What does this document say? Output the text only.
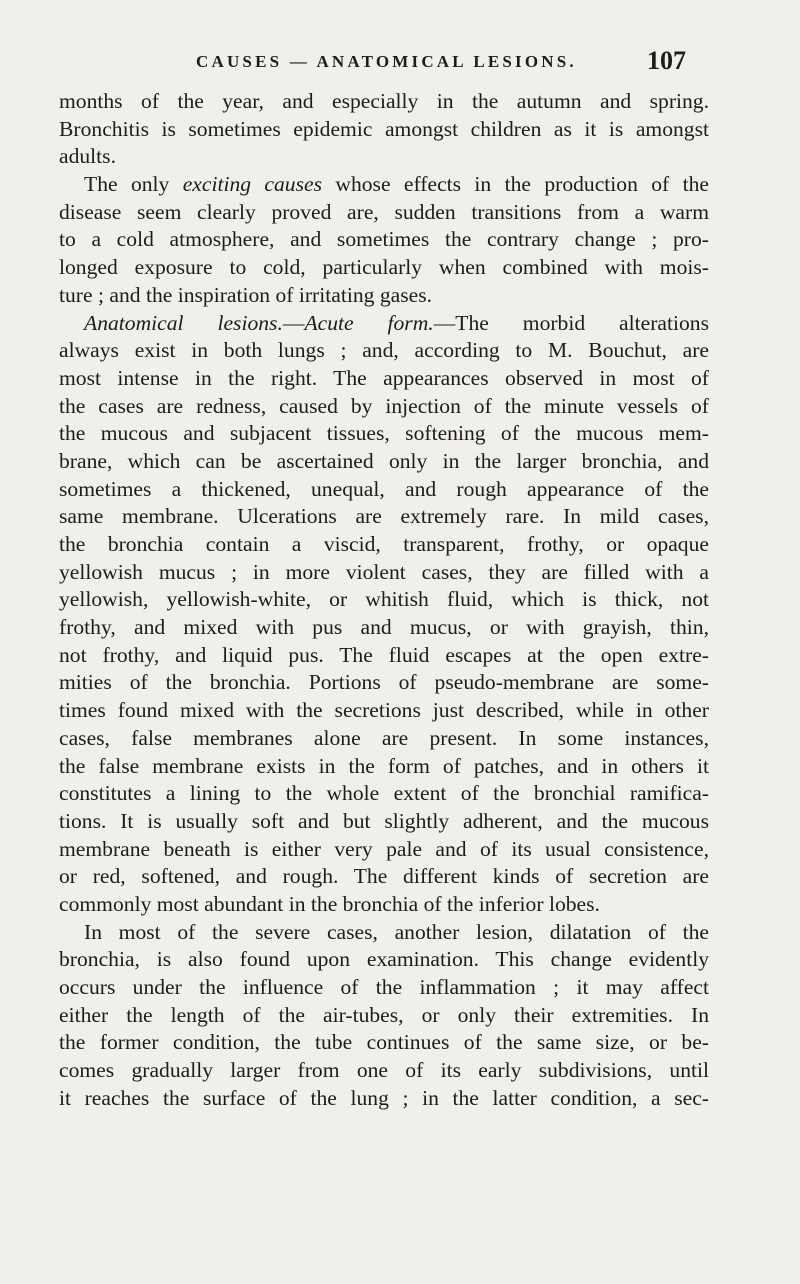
CAUSES — ANATOMICAL LESIONS.	107
months of the year, and especially in the autumn and spring.
Bronchitis is sometimes epidemic amongst children as it is amongst
adults.
The only exciting causes whose effects in the production of the
disease seem clearly proved are, sudden transitions from a warm
to a cold atmosphere, and sometimes the contrary change ; pro-
longed exposure to cold, particularly when combined with mois-
ture ; and the inspiration of irritating gases.
Anatomical lesions.—Acute form.—The morbid alterations
always exist in both lungs ; and, according to M. Bouchut, are
most intense in the right. The appearances observed in most of
the cases are redness, caused by injection of the minute vessels of
the mucous and subjacent tissues, softening of the mucous mem-
brane, which can be ascertained only in the larger bronchia, and
sometimes a thickened, unequal, and rough appearance of the
same membrane. Ulcerations are extremely rare. In mild cases,
the bronchia contain a viscid, transparent, frothy, or opaque
yellowish mucus ; in more violent cases, they are filled with a
yellowish, yellowish-white, or whitish fluid, which is thick, not
frothy, and mixed with pus and mucus, or with grayish, thin,
not frothy, and liquid pus. The fluid escapes at the open extre-
mities of the bronchia. Portions of pseudo-membrane are some-
times found mixed with the secretions just described, while in other
cases, false membranes alone are present. In some instances,
the false membrane exists in the form of patches, and in others it
constitutes a lining to the whole extent of the bronchial ramifica-
tions. It is usually soft and but slightly adherent, and the mucous
membrane beneath is either very pale and of its usual consistence,
or red, softened, and rough. The different kinds of secretion are
commonly most abundant in the bronchia of the inferior lobes.
In most of the severe cases, another lesion, dilatation of the
bronchia, is also found upon examination. This change evidently
occurs under the influence of the inflammation ; it may affect
either the length of the air-tubes, or only their extremities. In
the former condition, the tube continues of the same size, or be-
comes gradually larger from one of its early subdivisions, until
it reaches the surface of the lung ; in the latter condition, a sec-
